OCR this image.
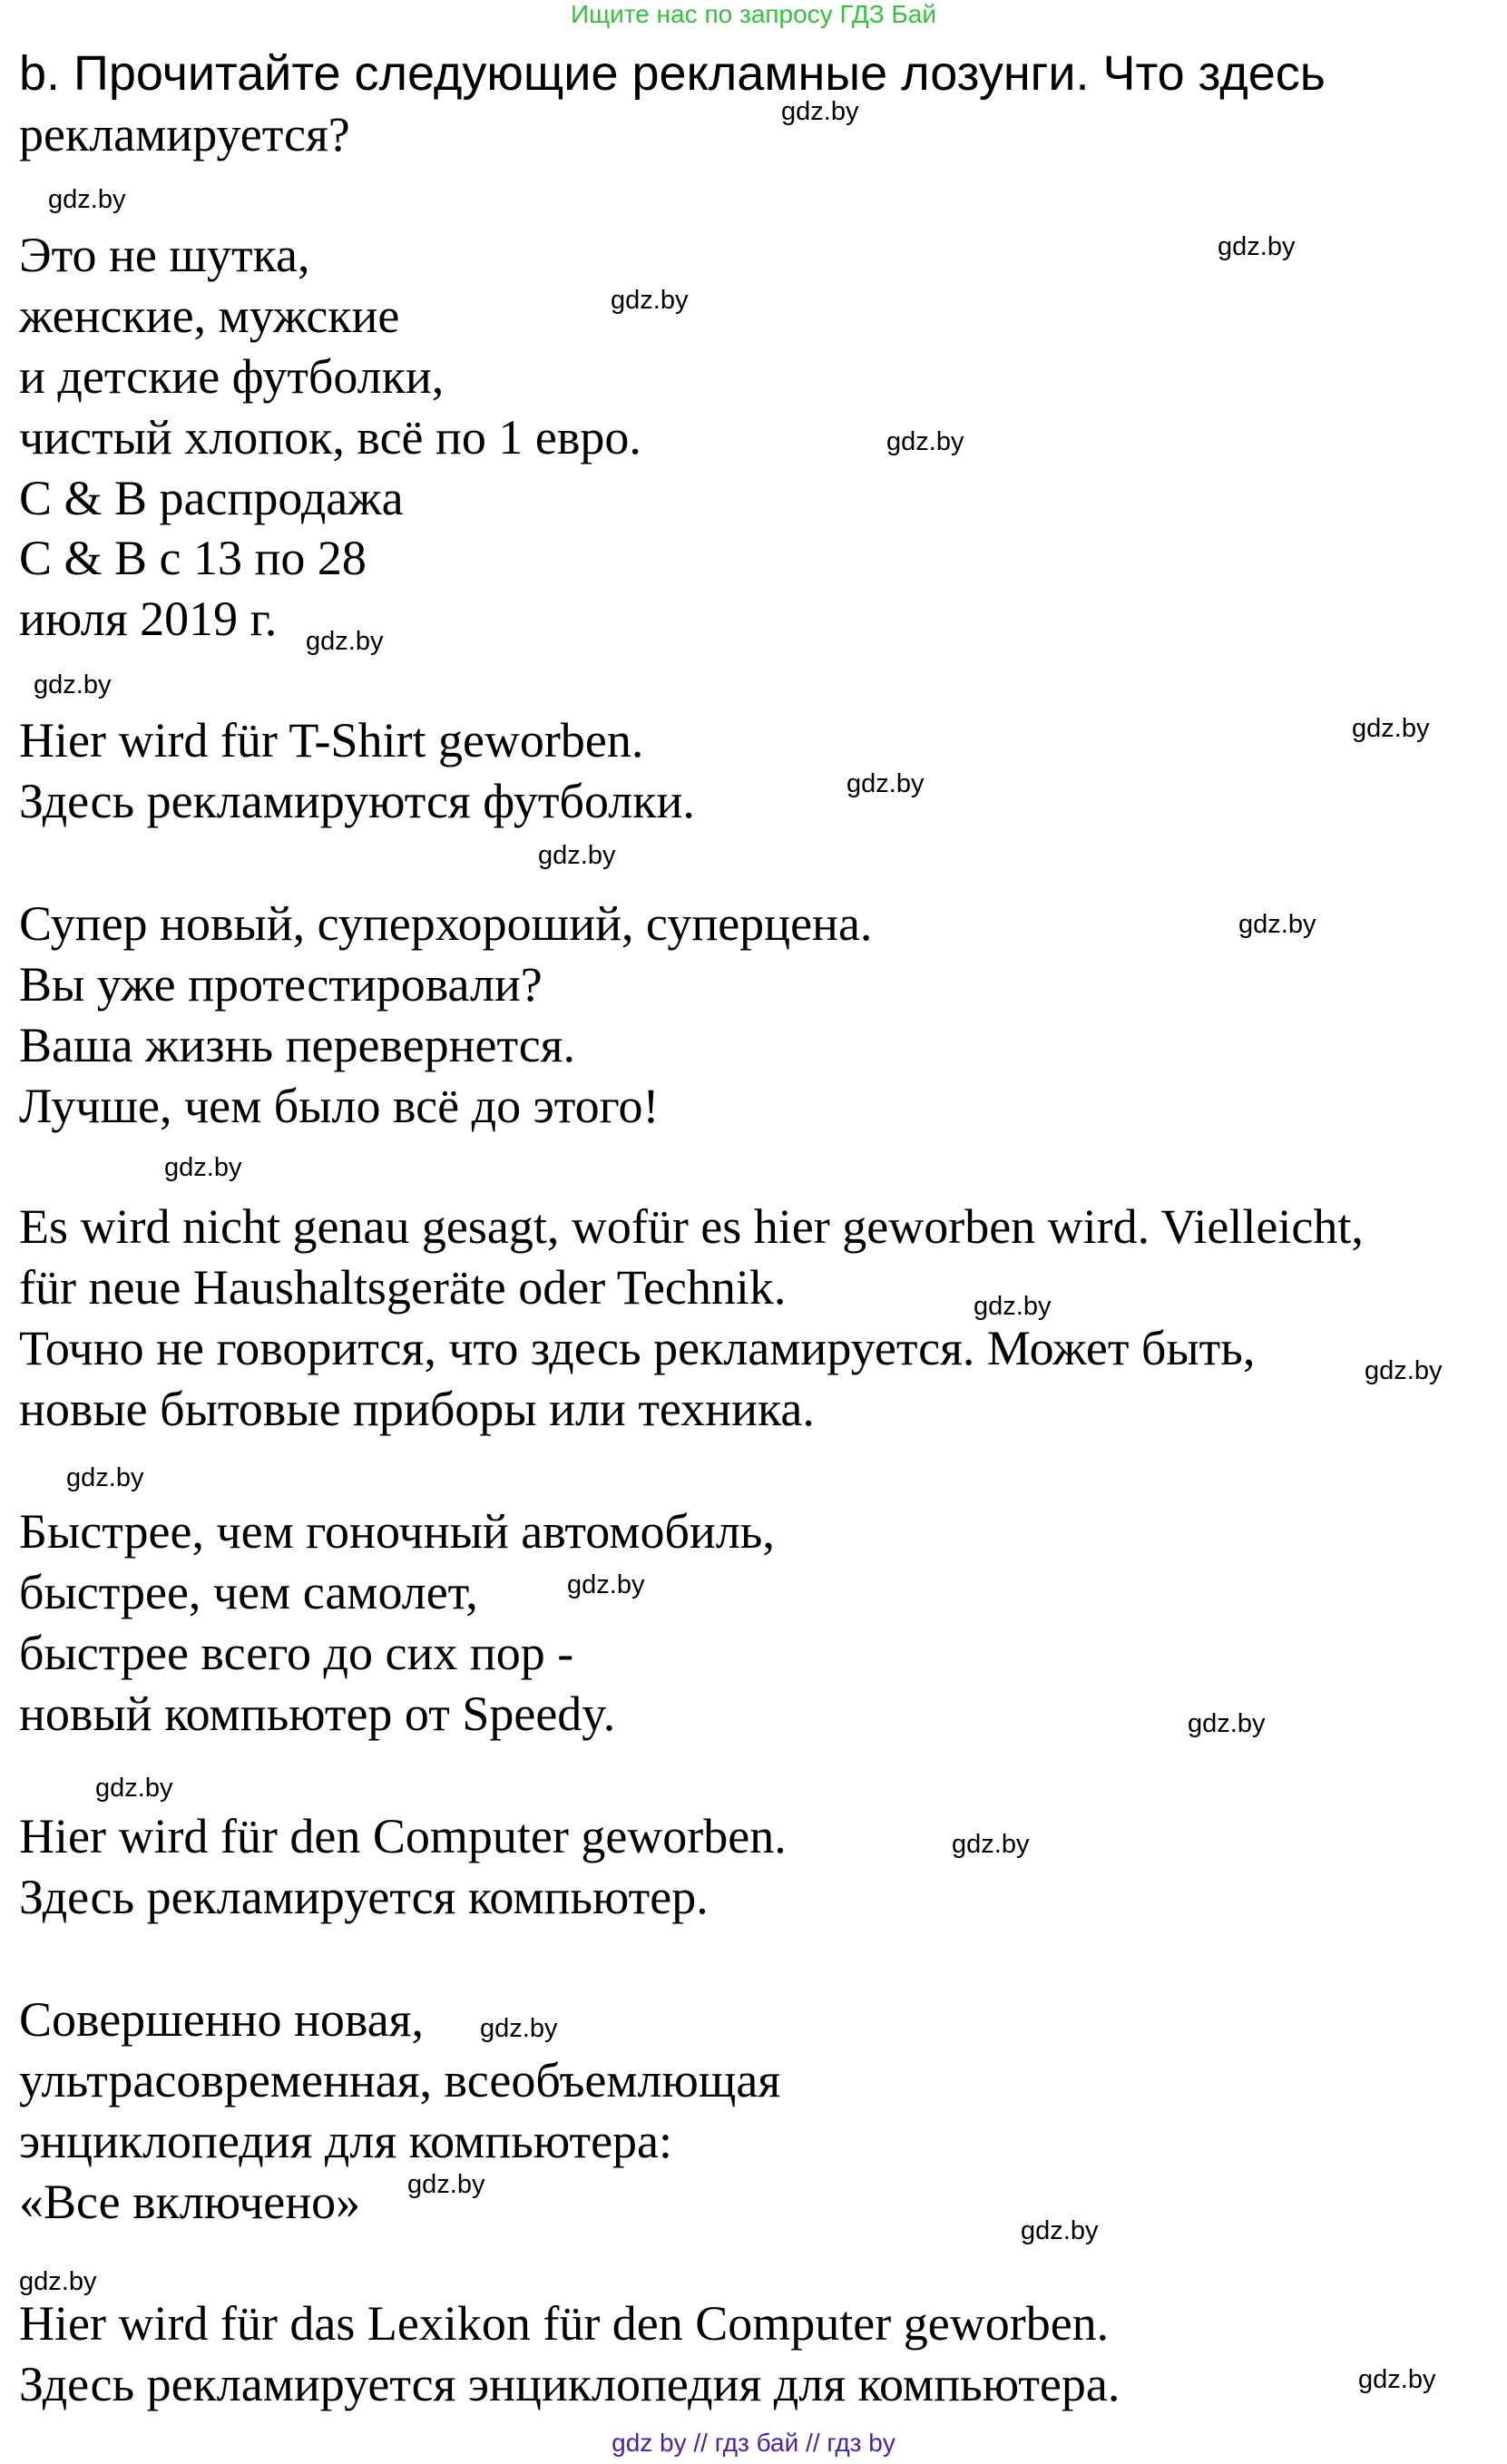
Ищите нас по запросу ГДЗ Бай
b. Прочитайте следующие рекламные лозунги. Что здесь
рекламируется?
Это не шутка,
женские, мужские
и детские футболки,
чистый хлопок, всё по 1 евро.
C & B распродажа
C & B с 13 по 28
июля 2019 г.
Hier wird für T-Shirt geworben.
Здесь рекламируются футболки.
Супер новый, суперхороший, суперцена.
Вы уже протестировали?
Ваша жизнь перевернется.
Лучше, чем было всё до этого!
Es wird nicht genau gesagt, wofür es hier geworben wird. Vielleicht,
für neue Haushaltsgeräte oder Technik.
Точно не говорится, что здесь рекламируется. Может быть,
новые бытовые приборы или техника.
Быстрее, чем гоночный автомобиль,
быстрее, чем самолет,
быстрее всего до сих пор -
новый компьютер от Speedy.
Hier wird für den Computer geworben.
Здесь рекламируется компьютер.
Совершенно новая,
ультрасовременная, всеобъемлющая
энциклопедия для компьютера:
«Все включено»
Hier wird für das Lexikon für den Computer geworben.
Здесь рекламируется энциклопедия для компьютера.
gdz.by
gdz.by
gdz.by
gdz.by
gdz.by
gdz.by
gdz.by
gdz.by
gdz.by
gdz.by
gdz.by
gdz.by
gdz.by
gdz.by
gdz.by
gdz.by
gdz.by
gdz.by
gdz.by
gdz.by
gdz.by
gdz.by
gdz.by
gdz.by
gdz by // гдз бай // гдз by
